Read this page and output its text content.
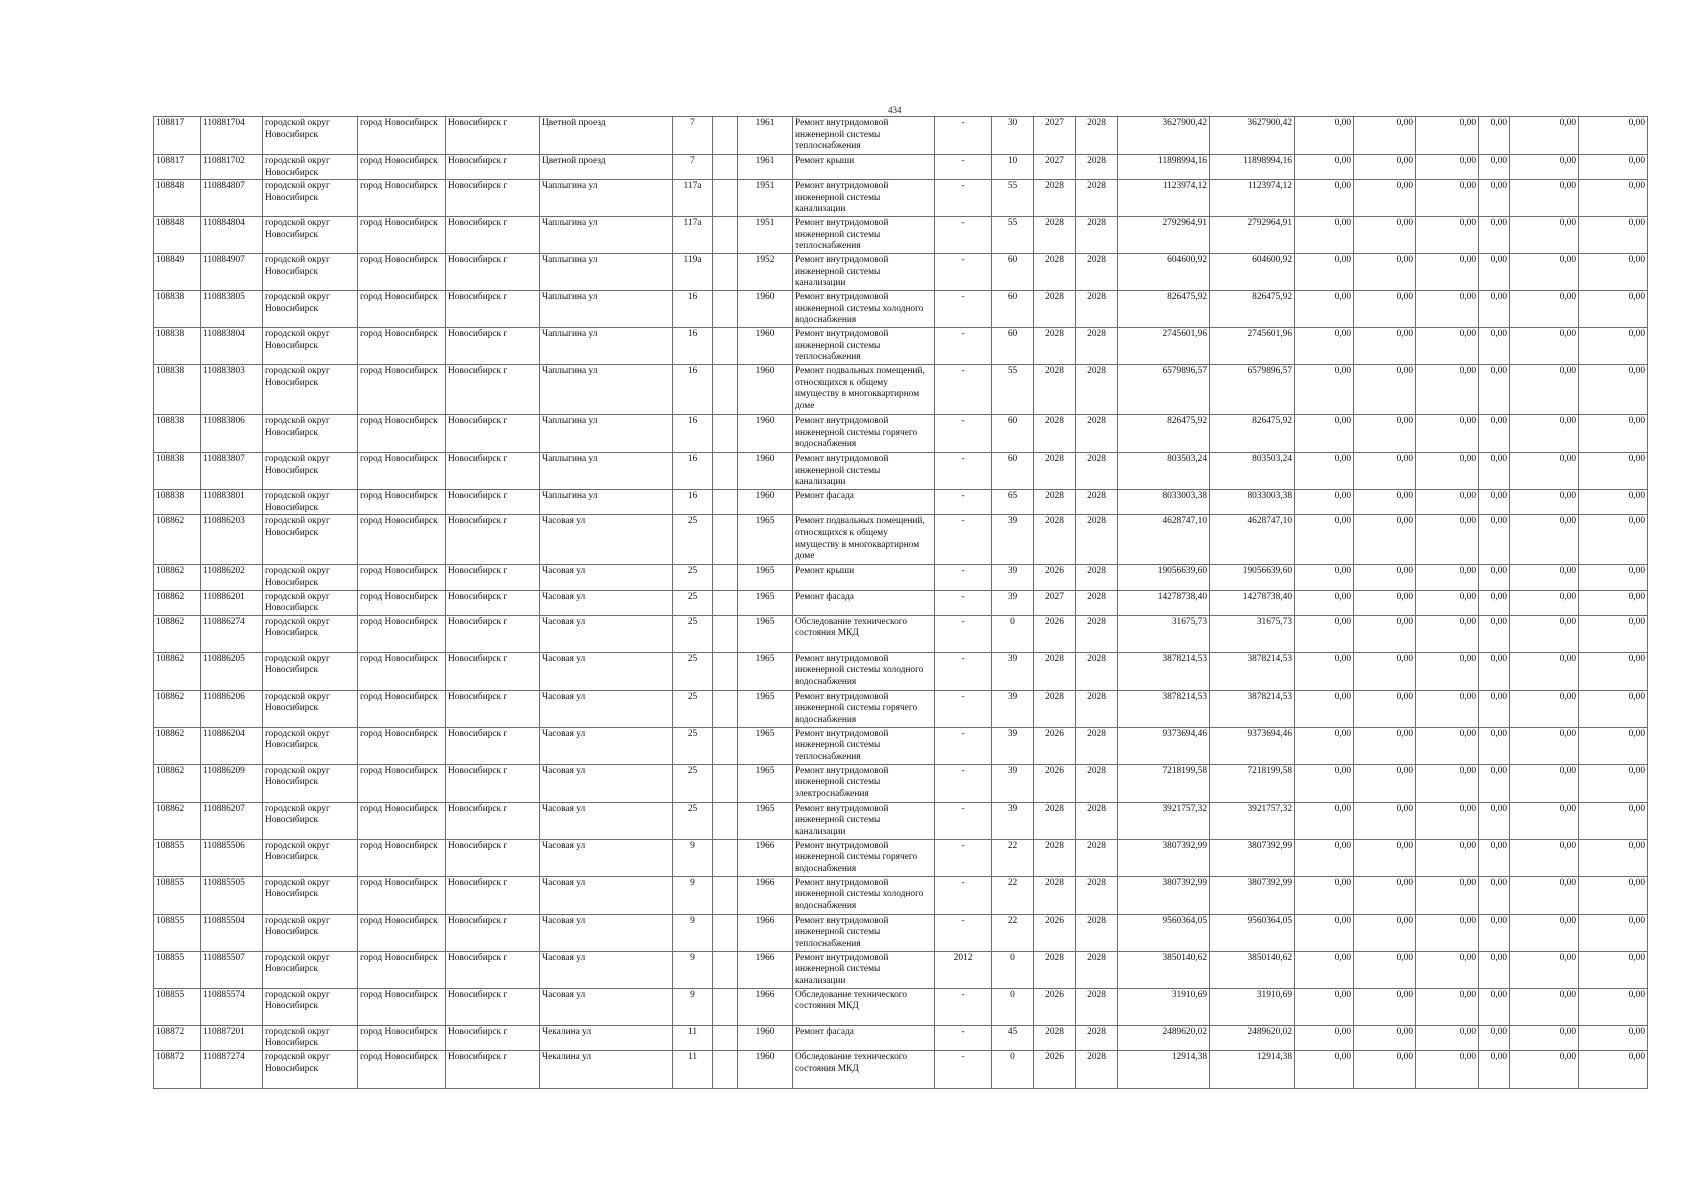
434
108817	110881704	городской округ Новосибирск	город Новосибирск	Новосибирск г	Цветной проезд	7		1961	Ремонт внутридомовой инженерной системы теплоснабжения	-	30	2027	2028	3627900,42	3627900,42	0,00	0,00	0,00	0,00	0,00	0,00
108817	110881702	городской округ Новосибирск	город Новосибирск	Новосибирск г	Цветной проезд	7		1961	Ремонт крыши	-	10	2027	2028	11898994,16	11898994,16	0,00	0,00	0,00	0,00	0,00	0,00
108848	110884807	городской округ Новосибирск	город Новосибирск	Новосибирск г	Чаплыгина ул	117а		1951	Ремонт внутридомовой инженерной системы канализации	-	55	2028	2028	1123974,12	1123974,12	0,00	0,00	0,00	0,00	0,00	0,00
108848	110884804	городской округ Новосибирск	город Новосибирск	Новосибирск г	Чаплыгина ул	117а		1951	Ремонт внутридомовой инженерной системы теплоснабжения	-	55	2028	2028	2792964,91	2792964,91	0,00	0,00	0,00	0,00	0,00	0,00
108849	110884907	городской округ Новосибирск	город Новосибирск	Новосибирск г	Чаплыгина ул	119а		1952	Ремонт внутридомовой инженерной системы канализации	-	60	2028	2028	604600,92	604600,92	0,00	0,00	0,00	0,00	0,00	0,00
108838	110883805	городской округ Новосибирск	город Новосибирск	Новосибирск г	Чаплыгина ул	16		1960	Ремонт внутридомовой инженерной системы холодного водоснабжения	-	60	2028	2028	826475,92	826475,92	0,00	0,00	0,00	0,00	0,00	0,00
108838	110883804	городской округ Новосибирск	город Новосибирск	Новосибирск г	Чаплыгина ул	16		1960	Ремонт внутридомовой инженерной системы теплоснабжения	-	60	2028	2028	2745601,96	2745601,96	0,00	0,00	0,00	0,00	0,00	0,00
108838	110883803	городской округ Новосибирск	город Новосибирск	Новосибирск г	Чаплыгина ул	16		1960	Ремонт подвальных помещений, относящихся к общему имуществу в многоквартирном доме	-	55	2028	2028	6579896,57	6579896,57	0,00	0,00	0,00	0,00	0,00	0,00
108838	110883806	городской округ Новосибирск	город Новосибирск	Новосибирск г	Чаплыгина ул	16		1960	Ремонт внутридомовой инженерной системы горячего водоснабжения	-	60	2028	2028	826475,92	826475,92	0,00	0,00	0,00	0,00	0,00	0,00
108838	110883807	городской округ Новосибирск	город Новосибирск	Новосибирск г	Чаплыгина ул	16		1960	Ремонт внутридомовой инженерной системы канализации	-	60	2028	2028	803503,24	803503,24	0,00	0,00	0,00	0,00	0,00	0,00
108838	110883801	городской округ Новосибирск	город Новосибирск	Новосибирск г	Чаплыгина ул	16		1960	Ремонт фасада	-	65	2028	2028	8033003,38	8033003,38	0,00	0,00	0,00	0,00	0,00	0,00
108862	110886203	городской округ Новосибирск	город Новосибирск	Новосибирск г	Часовая ул	25		1965	Ремонт подвальных помещений, относящихся к общему имуществу в многоквартирном доме	-	39	2028	2028	4628747,10	4628747,10	0,00	0,00	0,00	0,00	0,00	0,00
108862	110886202	городской округ Новосибирск	город Новосибирск	Новосибирск г	Часовая ул	25		1965	Ремонт крыши	-	39	2026	2028	19056639,60	19056639,60	0,00	0,00	0,00	0,00	0,00	0,00
108862	110886201	городской округ Новосибирск	город Новосибирск	Новосибирск г	Часовая ул	25		1965	Ремонт фасада	-	39	2027	2028	14278738,40	14278738,40	0,00	0,00	0,00	0,00	0,00	0,00
108862	110886274	городской округ Новосибирск	город Новосибирск	Новосибирск г	Часовая ул	25		1965	Обследование технического состояния МКД	-	0	2026	2028	31675,73	31675,73	0,00	0,00	0,00	0,00	0,00	0,00
108862	110886205	городской округ Новосибирск	город Новосибирск	Новосибирск г	Часовая ул	25		1965	Ремонт внутридомовой инженерной системы холодного водоснабжения	-	39	2028	2028	3878214,53	3878214,53	0,00	0,00	0,00	0,00	0,00	0,00
108862	110886206	городской округ Новосибирск	город Новосибирск	Новосибирск г	Часовая ул	25		1965	Ремонт внутридомовой инженерной системы горячего водоснабжения	-	39	2028	2028	3878214,53	3878214,53	0,00	0,00	0,00	0,00	0,00	0,00
108862	110886204	городской округ Новосибирск	город Новосибирск	Новосибирск г	Часовая ул	25		1965	Ремонт внутридомовой инженерной системы теплоснабжения	-	39	2026	2028	9373694,46	9373694,46	0,00	0,00	0,00	0,00	0,00	0,00
108862	110886209	городской округ Новосибирск	город Новосибирск	Новосибирск г	Часовая ул	25		1965	Ремонт внутридомовой инженерной системы электроснабжения	-	39	2026	2028	7218199,58	7218199,58	0,00	0,00	0,00	0,00	0,00	0,00
108862	110886207	городской округ Новосибирск	город Новосибирск	Новосибирск г	Часовая ул	25		1965	Ремонт внутридомовой инженерной системы канализации	-	39	2028	2028	3921757,32	3921757,32	0,00	0,00	0,00	0,00	0,00	0,00
108855	110885506	городской округ Новосибирск	город Новосибирск	Новосибирск г	Часовая ул	9		1966	Ремонт внутридомовой инженерной системы горячего водоснабжения	-	22	2028	2028	3807392,99	3807392,99	0,00	0,00	0,00	0,00	0,00	0,00
108855	110885505	городской округ Новосибирск	город Новосибирск	Новосибирск г	Часовая ул	9		1966	Ремонт внутридомовой инженерной системы холодного водоснабжения	-	22	2028	2028	3807392,99	3807392,99	0,00	0,00	0,00	0,00	0,00	0,00
108855	110885504	городской округ Новосибирск	город Новосибирск	Новосибирск г	Часовая ул	9		1966	Ремонт внутридомовой инженерной системы теплоснабжения	-	22	2026	2028	9560364,05	9560364,05	0,00	0,00	0,00	0,00	0,00	0,00
108855	110885507	городской округ Новосибирск	город Новосибирск	Новосибирск г	Часовая ул	9		1966	Ремонт внутридомовой инженерной системы канализации	2012	0	2028	2028	3850140,62	3850140,62	0,00	0,00	0,00	0,00	0,00	0,00
108855	110885574	городской округ Новосибирск	город Новосибирск	Новосибирск г	Часовая ул	9		1966	Обследование технического состояния МКД	-	0	2026	2028	31910,69	31910,69	0,00	0,00	0,00	0,00	0,00	0,00
108872	110887201	городской округ Новосибирск	город Новосибирск	Новосибирск г	Чекалина ул	11		1960	Ремонт фасада	-	45	2028	2028	2489620,02	2489620,02	0,00	0,00	0,00	0,00	0,00	0,00
108872	110887274	городской округ Новосибирск	город Новосибирск	Новосибирск г	Чекалина ул	11		1960	Обследование технического состояния МКД	-	0	2026	2028	12914,38	12914,38	0,00	0,00	0,00	0,00	0,00	0,00
